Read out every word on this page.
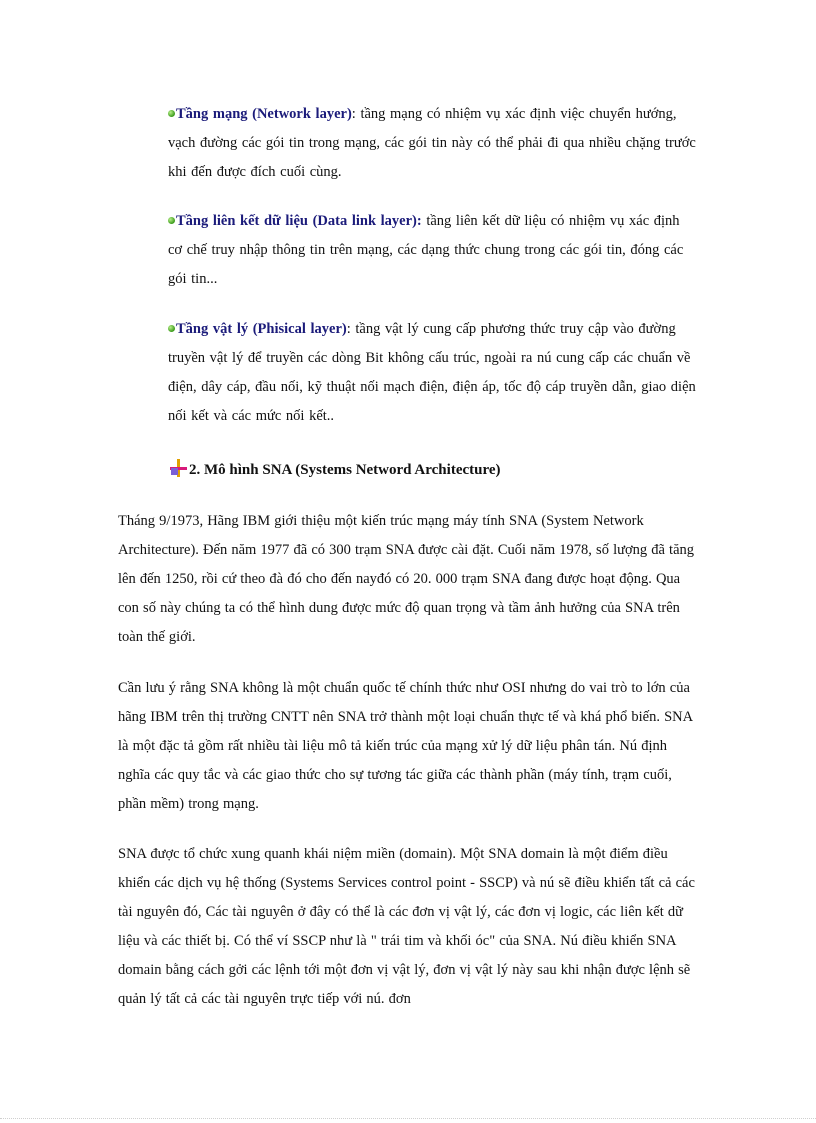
Tầng mạng (Network layer): tầng mạng có nhiệm vụ xác định việc chuyển hướng, vạch đường các gói tin trong mạng, các gói tin này có thể phải đi qua nhiều chặng trước khi đến được đích cuối cùng.
Tầng liên kết dữ liệu (Data link layer): tầng liên kết dữ liệu có nhiệm vụ xác định cơ chế truy nhập thông tin trên mạng, các dạng thức chung trong các gói tin, đóng các gói tin...
Tầng vật lý (Phisical layer): tầng vật lý cung cấp phương thức truy cập vào đường truyền vật lý để truyền các dòng Bit không cấu trúc, ngoài ra nú cung cấp các chuẩn về điện, dây cáp, đầu nối, kỹ thuật nối mạch điện, điện áp, tốc độ cáp truyền dẫn, giao diện nối kết và các mức nối kết..
2. Mô hình SNA (Systems Netword Architecture)
Tháng 9/1973, Hãng IBM giới thiệu một kiến trúc mạng máy tính SNA (System Network Architecture). Đến năm 1977 đã có 300 trạm SNA được cài đặt. Cuối năm 1978, số lượng đã tăng lên đến 1250, rồi cứ theo đà đó cho đến nayđó có 20. 000 trạm SNA đang được hoạt động. Qua con số này chúng ta có thể hình dung được mức độ quan trọng và tầm ảnh hưởng của SNA trên toàn thế giới.
Cần lưu ý rằng SNA không là một chuẩn quốc tế chính thức như OSI nhưng do vai trò to lớn của hãng IBM trên thị trường CNTT nên SNA trở thành một loại chuẩn thực tế và khá phổ biến. SNA là một đặc tả gồm rất nhiều tài liệu mô tả kiến trúc của mạng xử lý dữ liệu phân tán. Nú định nghĩa các quy tắc và các giao thức cho sự tương tác giữa các thành phần (máy tính, trạm cuối, phần mềm) trong mạng.
SNA được tổ chức xung quanh khái niệm miền (domain). Một SNA domain là một điểm điều khiển các dịch vụ hệ thống (Systems Services control point - SSCP) và nú sẽ điều khiển tất cả các tài nguyên đó, Các tài nguyên ở đây có thể là các đơn vị vật lý, các đơn vị logic, các liên kết dữ liệu và các thiết bị. Có thể ví SSCP như là " trái tim và khối óc" của SNA. Nú điều khiển SNA domain bằng cách gởi các lệnh tới một đơn vị vật lý, đơn vị vật lý này sau khi nhận được lệnh sẽ quản lý tất cả các tài nguyên trực tiếp với nú. đơn
